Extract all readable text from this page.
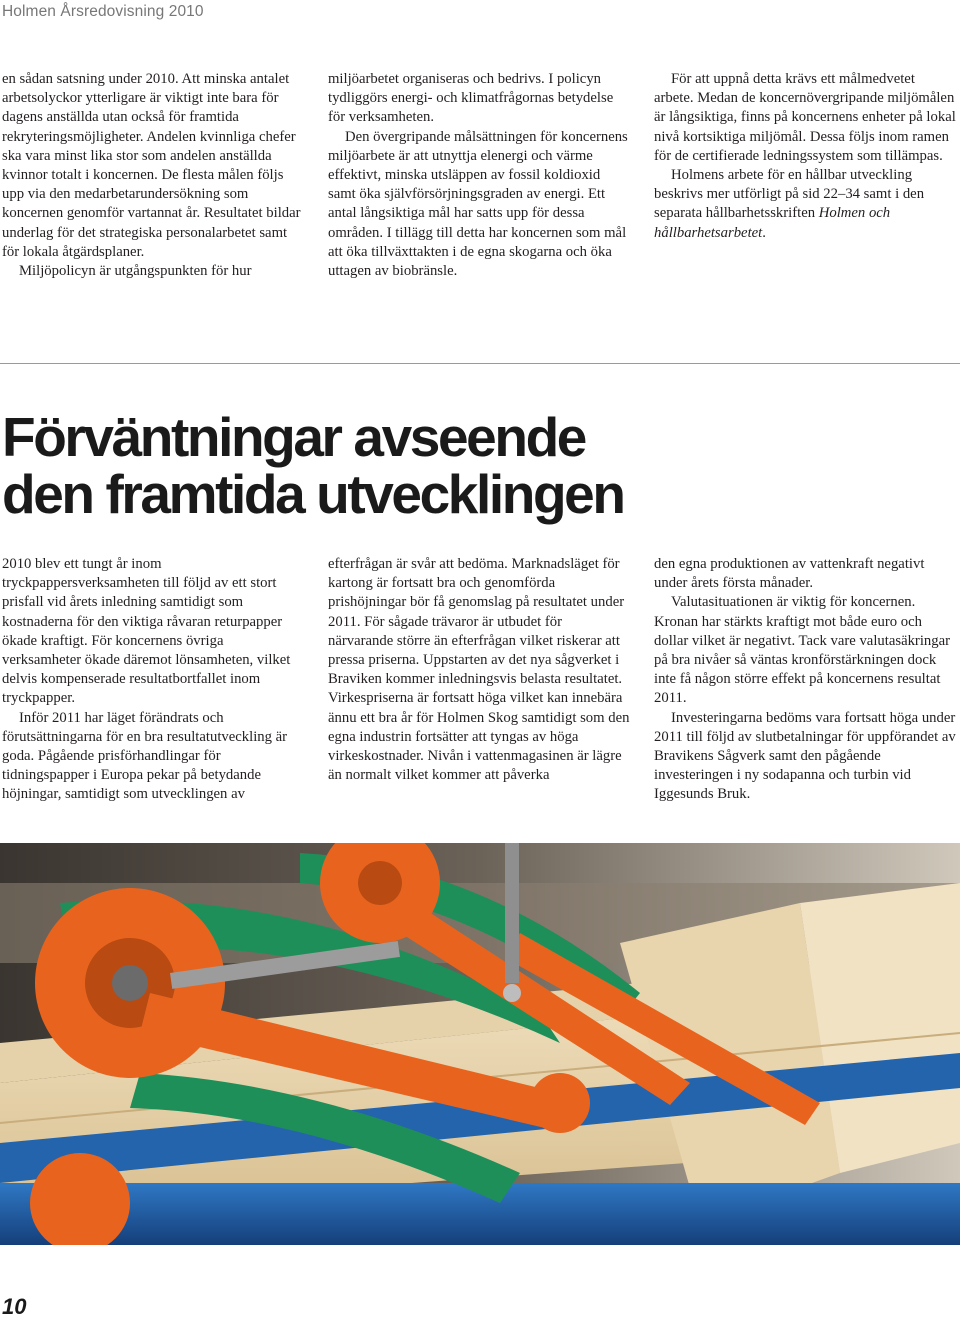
Holmen Årsredovisning 2010

en sådan satsning under 2010. Att minska antalet arbetsolyckor ytterligare är viktigt inte bara för dagens anställda utan också för framtida rekryteringsmöjligheter. Andelen kvinnliga chefer ska vara minst lika stor som andelen anställda kvinnor totalt i koncernen. De flesta målen följs upp via den medarbetarundersökning som koncernen genomför vartannat år. Resultatet bildar underlag för det strategiska personalarbetet samt för lokala åtgärdsplaner.

Miljöpolicyn är utgångspunkten för hur

miljöarbetet organiseras och bedrivs. I policyn tydliggörs energi- och klimatfrågornas betydelse för verksamheten.

Den övergripande målsättningen för koncernens miljöarbete är att utnyttja elenergi och värme effektivt, minska utsläppen av fossil koldioxid samt öka självförsörjningsgraden av energi. Ett antal långsiktiga mål har satts upp för dessa områden. I tillägg till detta har koncernen som mål att öka tillväxttakten i de egna skogarna och öka uttagen av biobränsle.

För att uppnå detta krävs ett målmedvetet arbete. Medan de koncernövergripande miljömålen är långsiktiga, finns på koncernens enheter på lokal nivå kortsiktiga miljömål. Dessa följs inom ramen för de certifierade ledningssystem som tillämpas.

Holmens arbete för en hållbar utveckling beskrivs mer utförligt på sid 22–34 samt i den separata hållbarhetsskriften Holmen och hållbarhetsarbetet.

Förväntningar avseende
den framtida utvecklingen

2010 blev ett tungt år inom tryckpappersverksamheten till följd av ett stort prisfall vid årets inledning samtidigt som kostnaderna för den viktiga råvaran returpapper ökade kraftigt. För koncernens övriga verksamheter ökade däremot lönsamheten, vilket delvis kompenserade resultatbortfallet inom tryckpapper.

Inför 2011 har läget förändrats och förutsättningarna för en bra resultatutveckling är goda. Pågående prisförhandlingar för tidningspapper i Europa pekar på betydande höjningar, samtidigt som utvecklingen av

efterfrågan är svår att bedöma. Marknadsläget för kartong är fortsatt bra och genomförda prishöjningar bör få genomslag på resultatet under 2011. För sågade trävaror är utbudet för närvarande större än efterfrågan vilket riskerar att pressa priserna. Uppstarten av det nya sågverket i Braviken kommer inledningsvis belasta resultatet. Virkespriserna är fortsatt höga vilket kan innebära ännu ett bra år för Holmen Skog samtidigt som den egna industrin fortsätter att tyngas av höga virkeskostnader. Nivån i vattenmagasinen är lägre än normalt vilket kommer att påverka

den egna produktionen av vattenkraft negativt under årets första månader.

Valutasituationen är viktig för koncernen. Kronan har stärkts kraftigt mot både euro och dollar vilket är negativt. Tack vare valutasäkringar på bra nivåer så väntas kronförstärkningen dock inte få någon större effekt på koncernens resultat 2011.

Investeringarna bedöms vara fortsatt höga under 2011 till följd av slutbetalningar för uppförandet av Bravikens Sågverk samt den pågående investeringen i ny sodapanna och turbin vid Iggesunds Bruk.

10
